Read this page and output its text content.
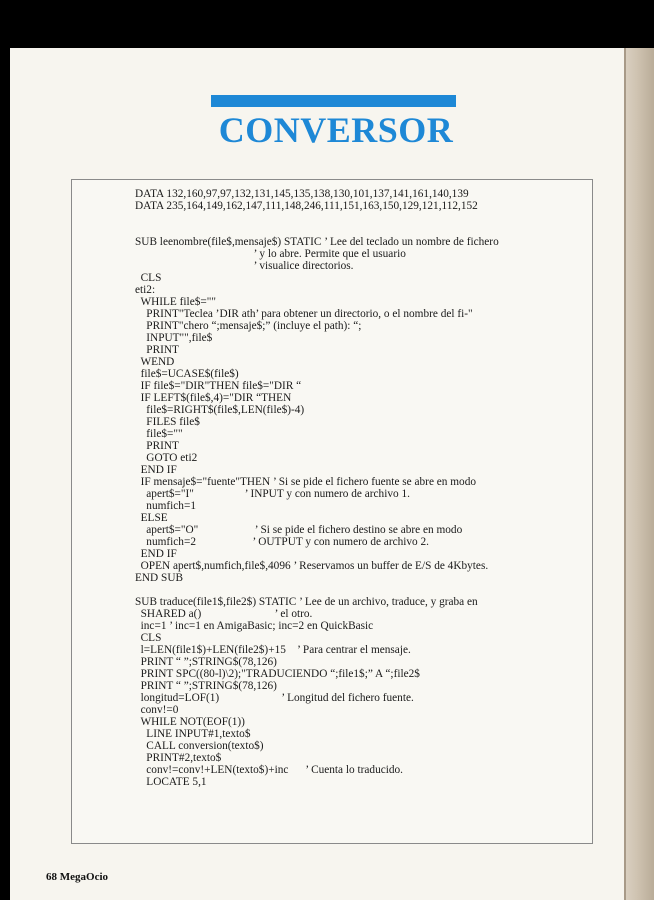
CONVERSOR
DATA 132,160,97,97,132,131,145,135,138,130,101,137,141,161,140,139
DATA 235,164,149,162,147,111,148,246,111,151,163,150,129,121,112,152
SUB leenombre(file$,mensaje$) STATIC ’ Lee del teclado un nombre de fichero
’ y lo abre. Permite que el usuario
’ visualice directorios.
CLS
eti2:
WHILE file$=""
PRINT"Teclea ’DIR ath’ para obtener un directorio, o el nombre del fi-"
PRINT"chero “;mensaje$;” (incluye el path): “;
INPUT"",file$
PRINT
WEND
file$=UCASE$(file$)
IF file$="DIR"THEN file$="DIR “
IF LEFT$(file$,4)="DIR “THEN
file$=RIGHT$(file$,LEN(file$)-4)
FILES file$
file$=""
PRINT
GOTO eti2
END IF
IF mensaje$="fuente"THEN ’ Si se pide el fichero fuente se abre en modo
apert$="I"                  ’ INPUT y con numero de archivo 1.
numfich=1
ELSE
apert$="O"                    ’ Si se pide el fichero destino se abre en modo
numfich=2                    ’ OUTPUT y con numero de archivo 2.
END IF
OPEN apert$,numfich,file$,4096 ’ Reservamos un buffer de E/S de 4Kbytes.
END SUB
SUB traduce(file1$,file2$) STATIC ’ Lee de un archivo, traduce, y graba en
SHARED a()                          ’ el otro.
inc=1 ’ inc=1 en AmigaBasic; inc=2 en QuickBasic
CLS
l=LEN(file1$)+LEN(file2$)+15    ’ Para centrar el mensaje.
PRINT “ ”;STRING$(78,126)
PRINT SPC((80-l)\2);"TRADUCIENDO “;file1$;” A “;file2$
PRINT “ ”;STRING$(78,126)
longitud=LOF(1)                      ’ Longitud del fichero fuente.
conv!=0
WHILE NOT(EOF(1))
LINE INPUT#1,texto$
CALL conversion(texto$)
PRINT#2,texto$
conv!=conv!+LEN(texto$)+inc      ’ Cuenta lo traducido.
LOCATE 5,1
68 MegaOcio
